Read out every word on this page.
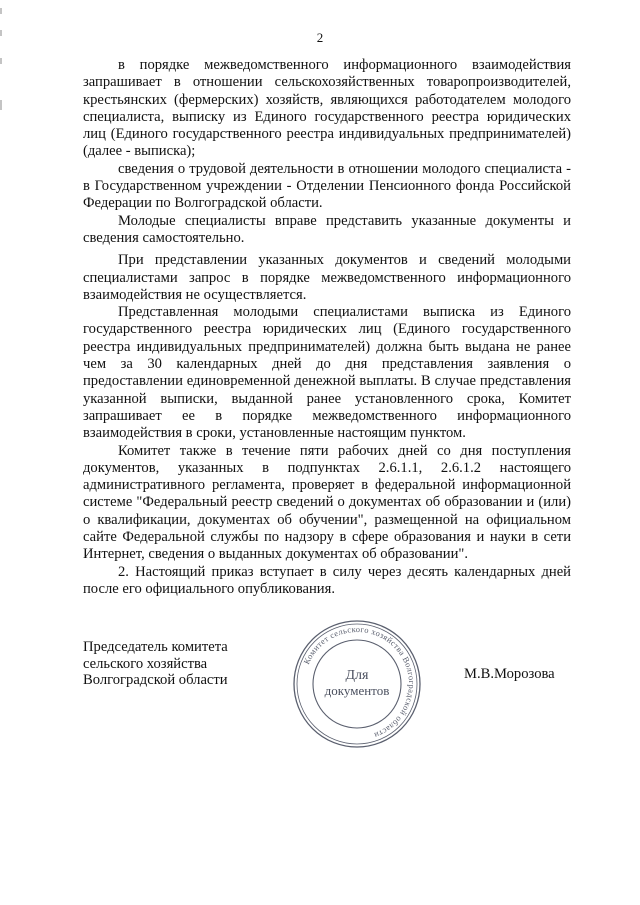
2

в порядке межведомственного информационного взаимодействия запрашивает в отношении сельскохозяйственных товаропроизводителей, крестьянских (фермерских) хозяйств, являющихся работодателем молодого специалиста, выписку из Единого государственного реестра юридических лиц (Единого государственного реестра индивидуальных предпринимателей) (далее - выписка);

сведения о трудовой деятельности в отношении молодого специалиста - в Государственном учреждении - Отделении Пенсионного фонда Российской Федерации по Волгоградской области.

Молодые специалисты вправе представить указанные документы и сведения самостоятельно.

При представлении указанных документов и сведений молодыми специалистами запрос в порядке межведомственного информационного взаимодействия не осуществляется.

Представленная молодыми специалистами выписка из Единого государственного реестра юридических лиц (Единого государственного реестра индивидуальных предпринимателей) должна быть выдана не ранее чем за 30 календарных дней до дня представления заявления о предоставлении единовременной денежной выплаты. В случае представления указанной выписки, выданной ранее установленного срока, Комитет запрашивает ее в порядке межведомственного информационного взаимодействия в сроки, установленные настоящим пунктом.

Комитет также в течение пяти рабочих дней со дня поступления документов, указанных в подпунктах 2.6.1.1, 2.6.1.2 настоящего административного регламента, проверяет в федеральной информационной системе "Федеральный реестр сведений о документах об образовании и (или) о квалификации, документах об обучении", размещенной на официальном сайте Федеральной службы по надзору в сфере образования и науки в сети Интернет, сведения о выданных документах об образовании".

2. Настоящий приказ вступает в силу через десять календарных дней после его официального опубликования.

Председатель комитета
сельского хозяйства
Волгоградской области	М.В.Морозова
Комитет сельского хозяйства Волгоградской области
Для
документов
